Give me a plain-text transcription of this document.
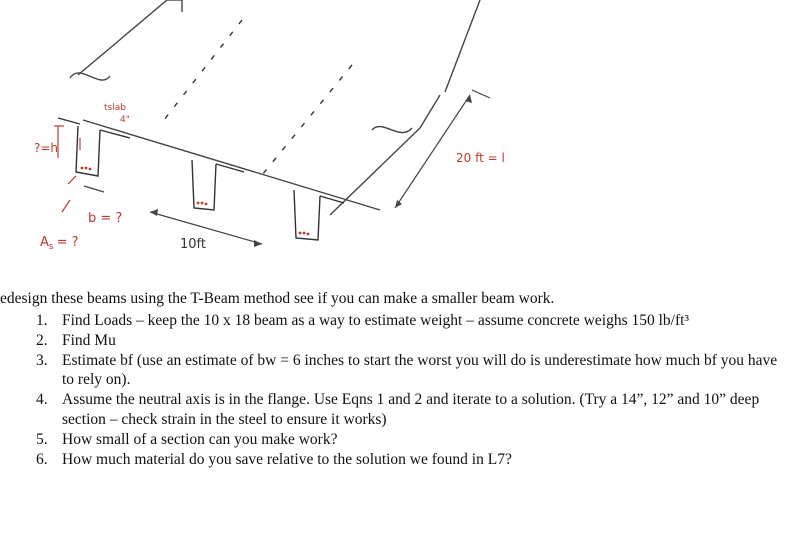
tslab
4"
?=h
b = ?
$A_s$ = ?	10ft
20 ft = l
edesign these beams using the T-Beam method see if you can make a smaller beam work.
1. Find Loads – keep the 10 x 18 beam as a way to estimate weight – assume concrete weighs 150 lb/ft³
2. Find Mu
3. Estimate bf (use an estimate of bw = 6 inches to start the worst you will do is underestimate how much bf you have to rely on).
4. Assume the neutral axis is in the flange. Use Eqns 1 and 2 and iterate to a solution. (Try a 14”, 12” and 10” deep section – check strain in the steel to ensure it works)
5. How small of a section can you make work?
6. How much material do you save relative to the solution we found in L7?
